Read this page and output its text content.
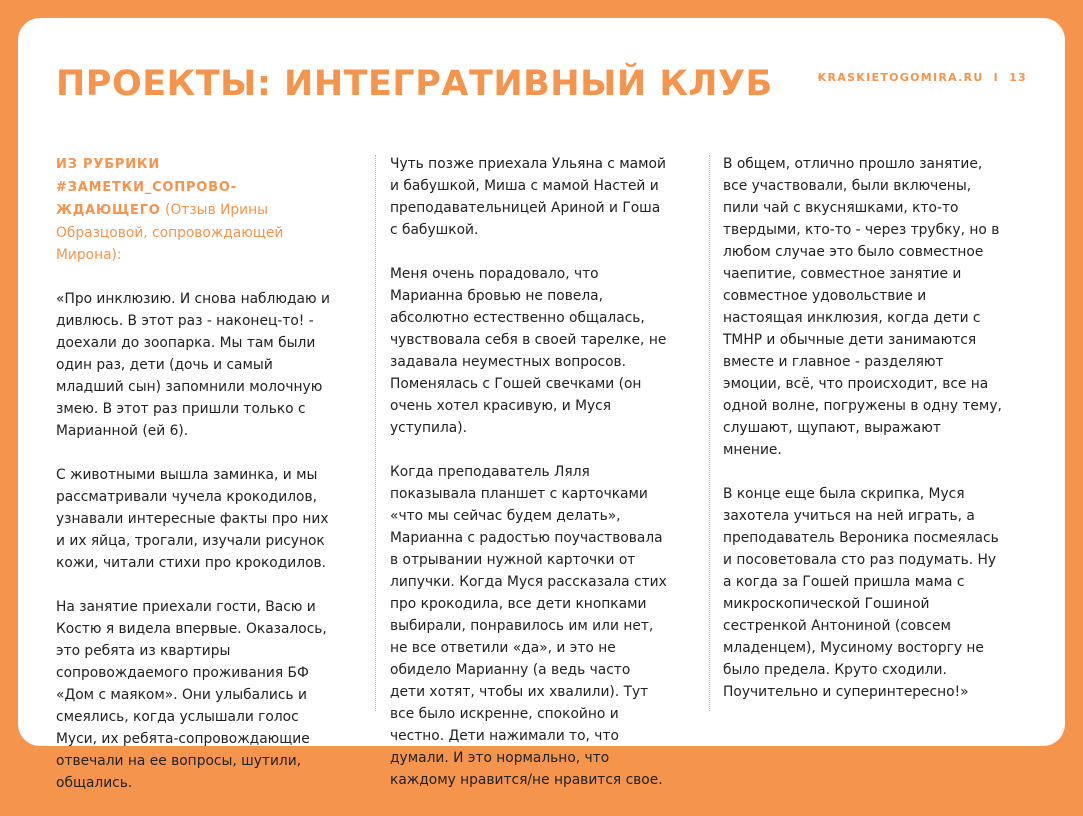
ПРОЕКТЫ: ИНТЕГРАТИВНЫЙ КЛУБ	KRASKIETOGOMIRA.RU I 13

ИЗ РУБРИКИ #ЗАМЕТКИ_СОПРОВО-ЖДАЮЩЕГО (Отзыв Ирины Образцовой, сопровождающей Мирона):

«Про инклюзию. И снова наблюдаю и дивлюсь. В этот раз - наконец-то! - доехали до зоопарка. Мы там были один раз, дети (дочь и самый младший сын) запомнили молочную змею. В этот раз пришли только с Марианной (ей 6).

С животными вышла заминка, и мы рассматривали чучела крокодилов, узнавали интересные факты про них и их яйца, трогали, изучали рисунок кожи, читали стихи про крокодилов.

На занятие приехали гости, Васю и Костю я видела впервые. Оказалось, это ребята из квартиры сопровождаемого проживания БФ «Дом с маяком». Они улыбались и смеялись, когда услышали голос Муси, их ребята-сопровождающие отвечали на ее вопросы, шутили, общались.

Чуть позже приехала Ульяна с мамой и бабушкой, Миша с мамой Настей и преподавательницей Ариной и Гоша с бабушкой.

Меня очень порадовало, что Марианна бровью не повела, абсолютно естественно общалась, чувствовала себя в своей тарелке, не задавала неуместных вопросов. Поменялась с Гошей свечками (он очень хотел красивую, и Муся уступила).

Когда преподаватель Ляля показывала планшет с карточками «что мы сейчас будем делать», Марианна с радостью поучаствовала в отрывании нужной карточки от липучки. Когда Муся рассказала стих про крокодила, все дети кнопками выбирали, понравилось им или нет, не все ответили «да», и это не обидело Марианну (а ведь часто дети хотят, чтобы их хвалили). Тут все было искренне, спокойно и честно. Дети нажимали то, что думали. И это нормально, что каждому нравится/не нравится свое.

В общем, отлично прошло занятие, все участвовали, были включены, пили чай с вкусняшками, кто-то твердыми, кто-то - через трубку, но в любом случае это было совместное чаепитие, совместное занятие и совместное удовольствие и настоящая инклюзия, когда дети с ТМНР и обычные дети занимаются вместе и главное - разделяют эмоции, всё, что происходит, все на одной волне, погружены в одну тему, слушают, щупают, выражают мнение.

В конце еще была скрипка, Муся захотела учиться на ней играть, а преподаватель Вероника посмеялась и посоветовала сто раз подумать. Ну а когда за Гошей пришла мама с микроскопической Гошиной сестренкой Антониной (совсем младенцем), Мусиному восторгу не было предела. Круто сходили. Поучительно и суперинтересно!»
